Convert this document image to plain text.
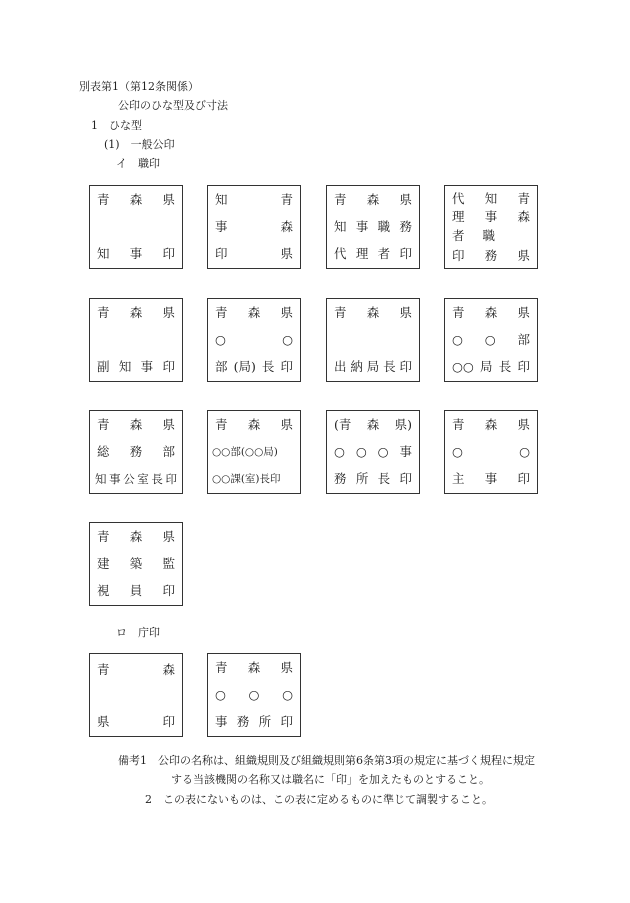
別表第1（第12条関係）
公印のひな型及び寸法
1　ひな型
(1)　一般公印
イ　職印
青 森 県
知 事 印
知	青
事	森
印	県
青 森 県
知 事 職 務
代 理 者 印
代 知 青
理 事 森
者 職
印 務 県
青 森 県
副 知 事 印
青 森 県
○	○
部 (局) 長 印
青 森 県
出 納 局 長 印
青 森 県
○ ○ 部
○○ 局 長 印
青 森 県
総 務 部
知 事 公 室 長 印
青 森 県
○○部(○○局)
○○課(室)長印
(青 森 県)
○ ○ ○ 事
務 所 長 印
青 森 県
○	○
主 事 印
青 森 県
建 築 監
視 員 印
ロ　庁印
青	森
県	印
青 森 県
○ ○ ○
事 務 所 印
備考1　公印の名称は、組織規則及び組織規則第6条第3項の規定に基づく規程に規定
する当該機関の名称又は職名に「印」を加えたものとすること。
2　この表にないものは、この表に定めるものに準じて調製すること。
